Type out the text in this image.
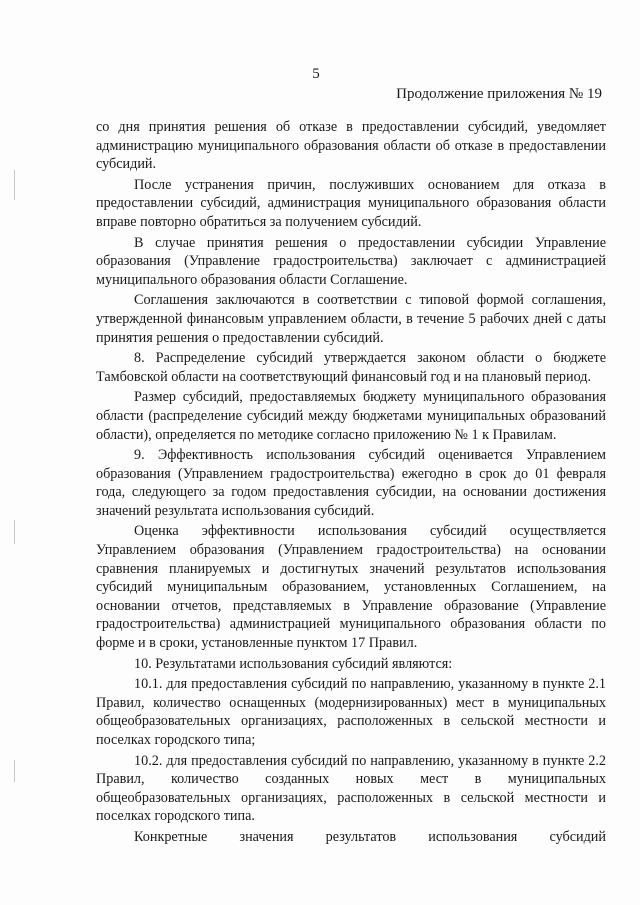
5
Продолжение приложения № 19

со дня принятия решения об отказе в предоставлении субсидий, уведомляет администрацию муниципального образования области об отказе в предоставлении субсидий.

После устранения причин, послуживших основанием для отказа в предоставлении субсидий, администрация муниципального образования области вправе повторно обратиться за получением субсидий.

В случае принятия решения о предоставлении субсидии Управление образования (Управление градостроительства) заключает с администрацией муниципального образования области Соглашение.

Соглашения заключаются в соответствии с типовой формой соглашения, утвержденной финансовым управлением области, в течение 5 рабочих дней с даты принятия решения о предоставлении субсидий.

8. Распределение субсидий утверждается законом области о бюджете Тамбовской области на соответствующий финансовый год и на плановый период.

Размер субсидий, предоставляемых бюджету муниципального образования области (распределение субсидий между бюджетами муниципальных образований области), определяется по методике согласно приложению № 1 к Правилам.

9. Эффективность использования субсидий оценивается Управлением образования (Управлением градостроительства) ежегодно в срок до 01 февраля года, следующего за годом предоставления субсидии, на основании достижения значений результата использования субсидий.

Оценка эффективности использования субсидий осуществляется Управлением образования (Управлением градостроительства) на основании сравнения планируемых и достигнутых значений результатов использования субсидий муниципальным образованием, установленных Соглашением, на основании отчетов, представляемых в Управление образование (Управление градостроительства) администрацией муниципального образования области по форме и в сроки, установленные пунктом 17 Правил.

10. Результатами использования субсидий являются:

10.1. для предоставления субсидий по направлению, указанному в пункте 2.1 Правил, количество оснащенных (модернизированных) мест в муниципальных общеобразовательных организациях, расположенных в сельской местности и поселках городского типа;

10.2. для предоставления субсидий по направлению, указанному в пункте 2.2 Правил, количество созданных новых мест в муниципальных общеобразовательных организациях, расположенных в сельской местности и поселках городского типа.

Конкретные значения результатов использования субсидий
